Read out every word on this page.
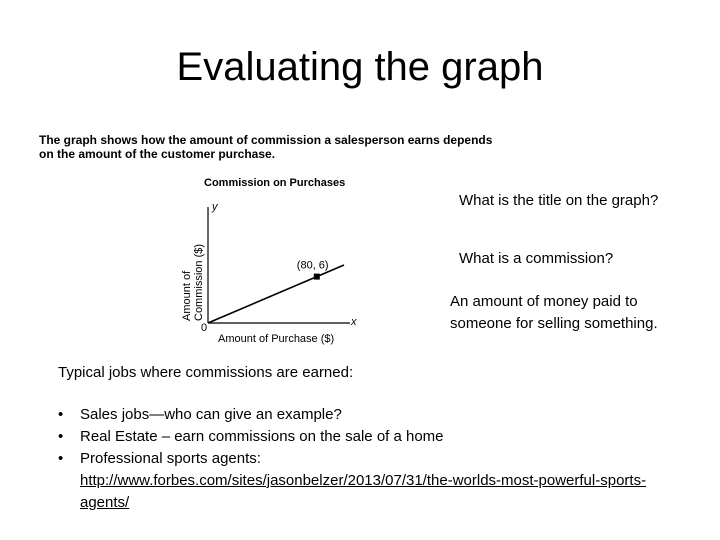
Evaluating the graph
The graph shows how the amount of commission a salesperson earns depends on the amount of the customer purchase.
Commission on Purchases
y
x
0
Amount of Purchase ($)
Amount of Commission ($)	(80, 6)
What is the title on the graph?
What is a commission?
An amount of money paid to someone for selling something.
Typical jobs where commissions are earned:
•	Sales jobs—who can give an example?
•	Real Estate – earn commissions on the sale of a home
•	Professional sports agents:
http://www.forbes.com/sites/jasonbelzer/2013/07/31/the-worlds-most-powerful-sports-agents/
